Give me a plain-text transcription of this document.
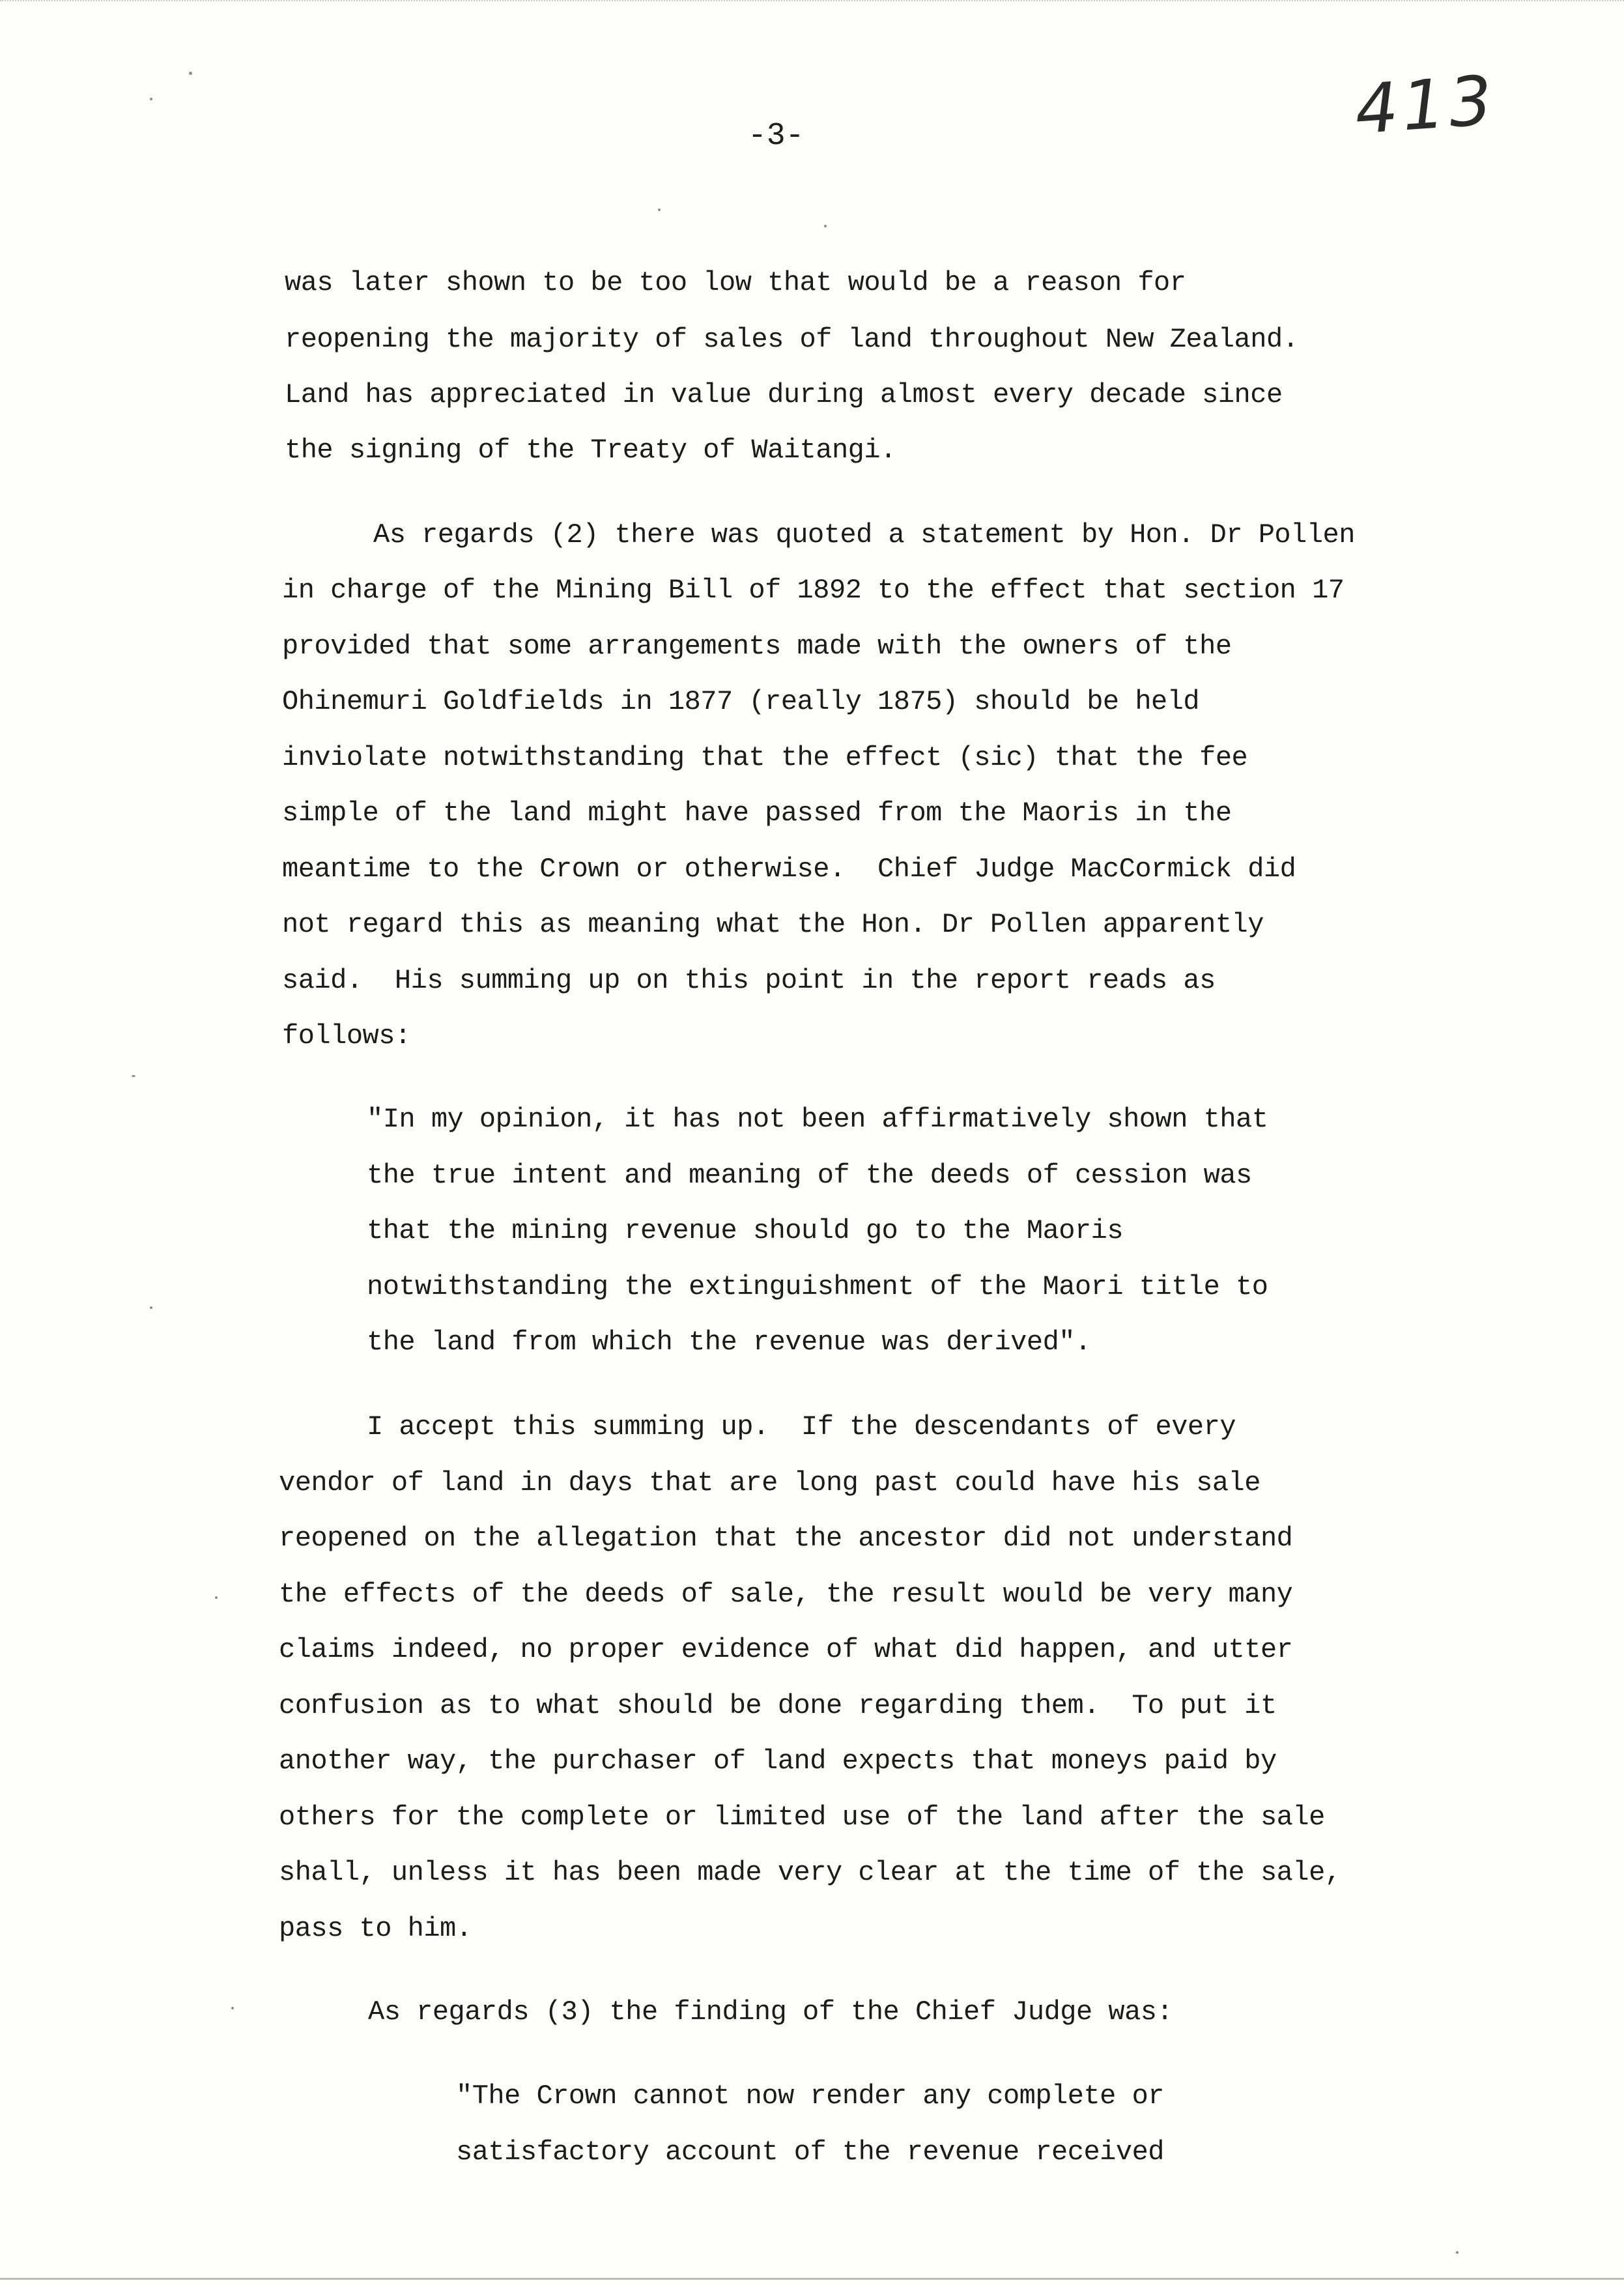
413
-3-

was later shown to be too low that would be a reason for

reopening the majority of sales of land throughout New Zealand.

Land has appreciated in value during almost every decade since

the signing of the Treaty of Waitangi.

As regards (2) there was quoted a statement by Hon. Dr Pollen

in charge of the Mining Bill of 1892 to the effect that section 17

provided that some arrangements made with the owners of the

Ohinemuri Goldfields in 1877 (really 1875) should be held

inviolate notwithstanding that the effect (sic) that the fee

simple of the land might have passed from the Maoris in the

meantime to the Crown or otherwise.  Chief Judge MacCormick did

not regard this as meaning what the Hon. Dr Pollen apparently

said.  His summing up on this point in the report reads as

follows:

"In my opinion, it has not been affirmatively shown that

the true intent and meaning of the deeds of cession was

that the mining revenue should go to the Maoris

notwithstanding the extinguishment of the Maori title to

the land from which the revenue was derived".

I accept this summing up.  If the descendants of every

vendor of land in days that are long past could have his sale

reopened on the allegation that the ancestor did not understand

the effects of the deeds of sale, the result would be very many

claims indeed, no proper evidence of what did happen, and utter

confusion as to what should be done regarding them.  To put it

another way, the purchaser of land expects that moneys paid by

others for the complete or limited use of the land after the sale

shall, unless it has been made very clear at the time of the sale,

pass to him.

As regards (3) the finding of the Chief Judge was:

"The Crown cannot now render any complete or

satisfactory account of the revenue received
